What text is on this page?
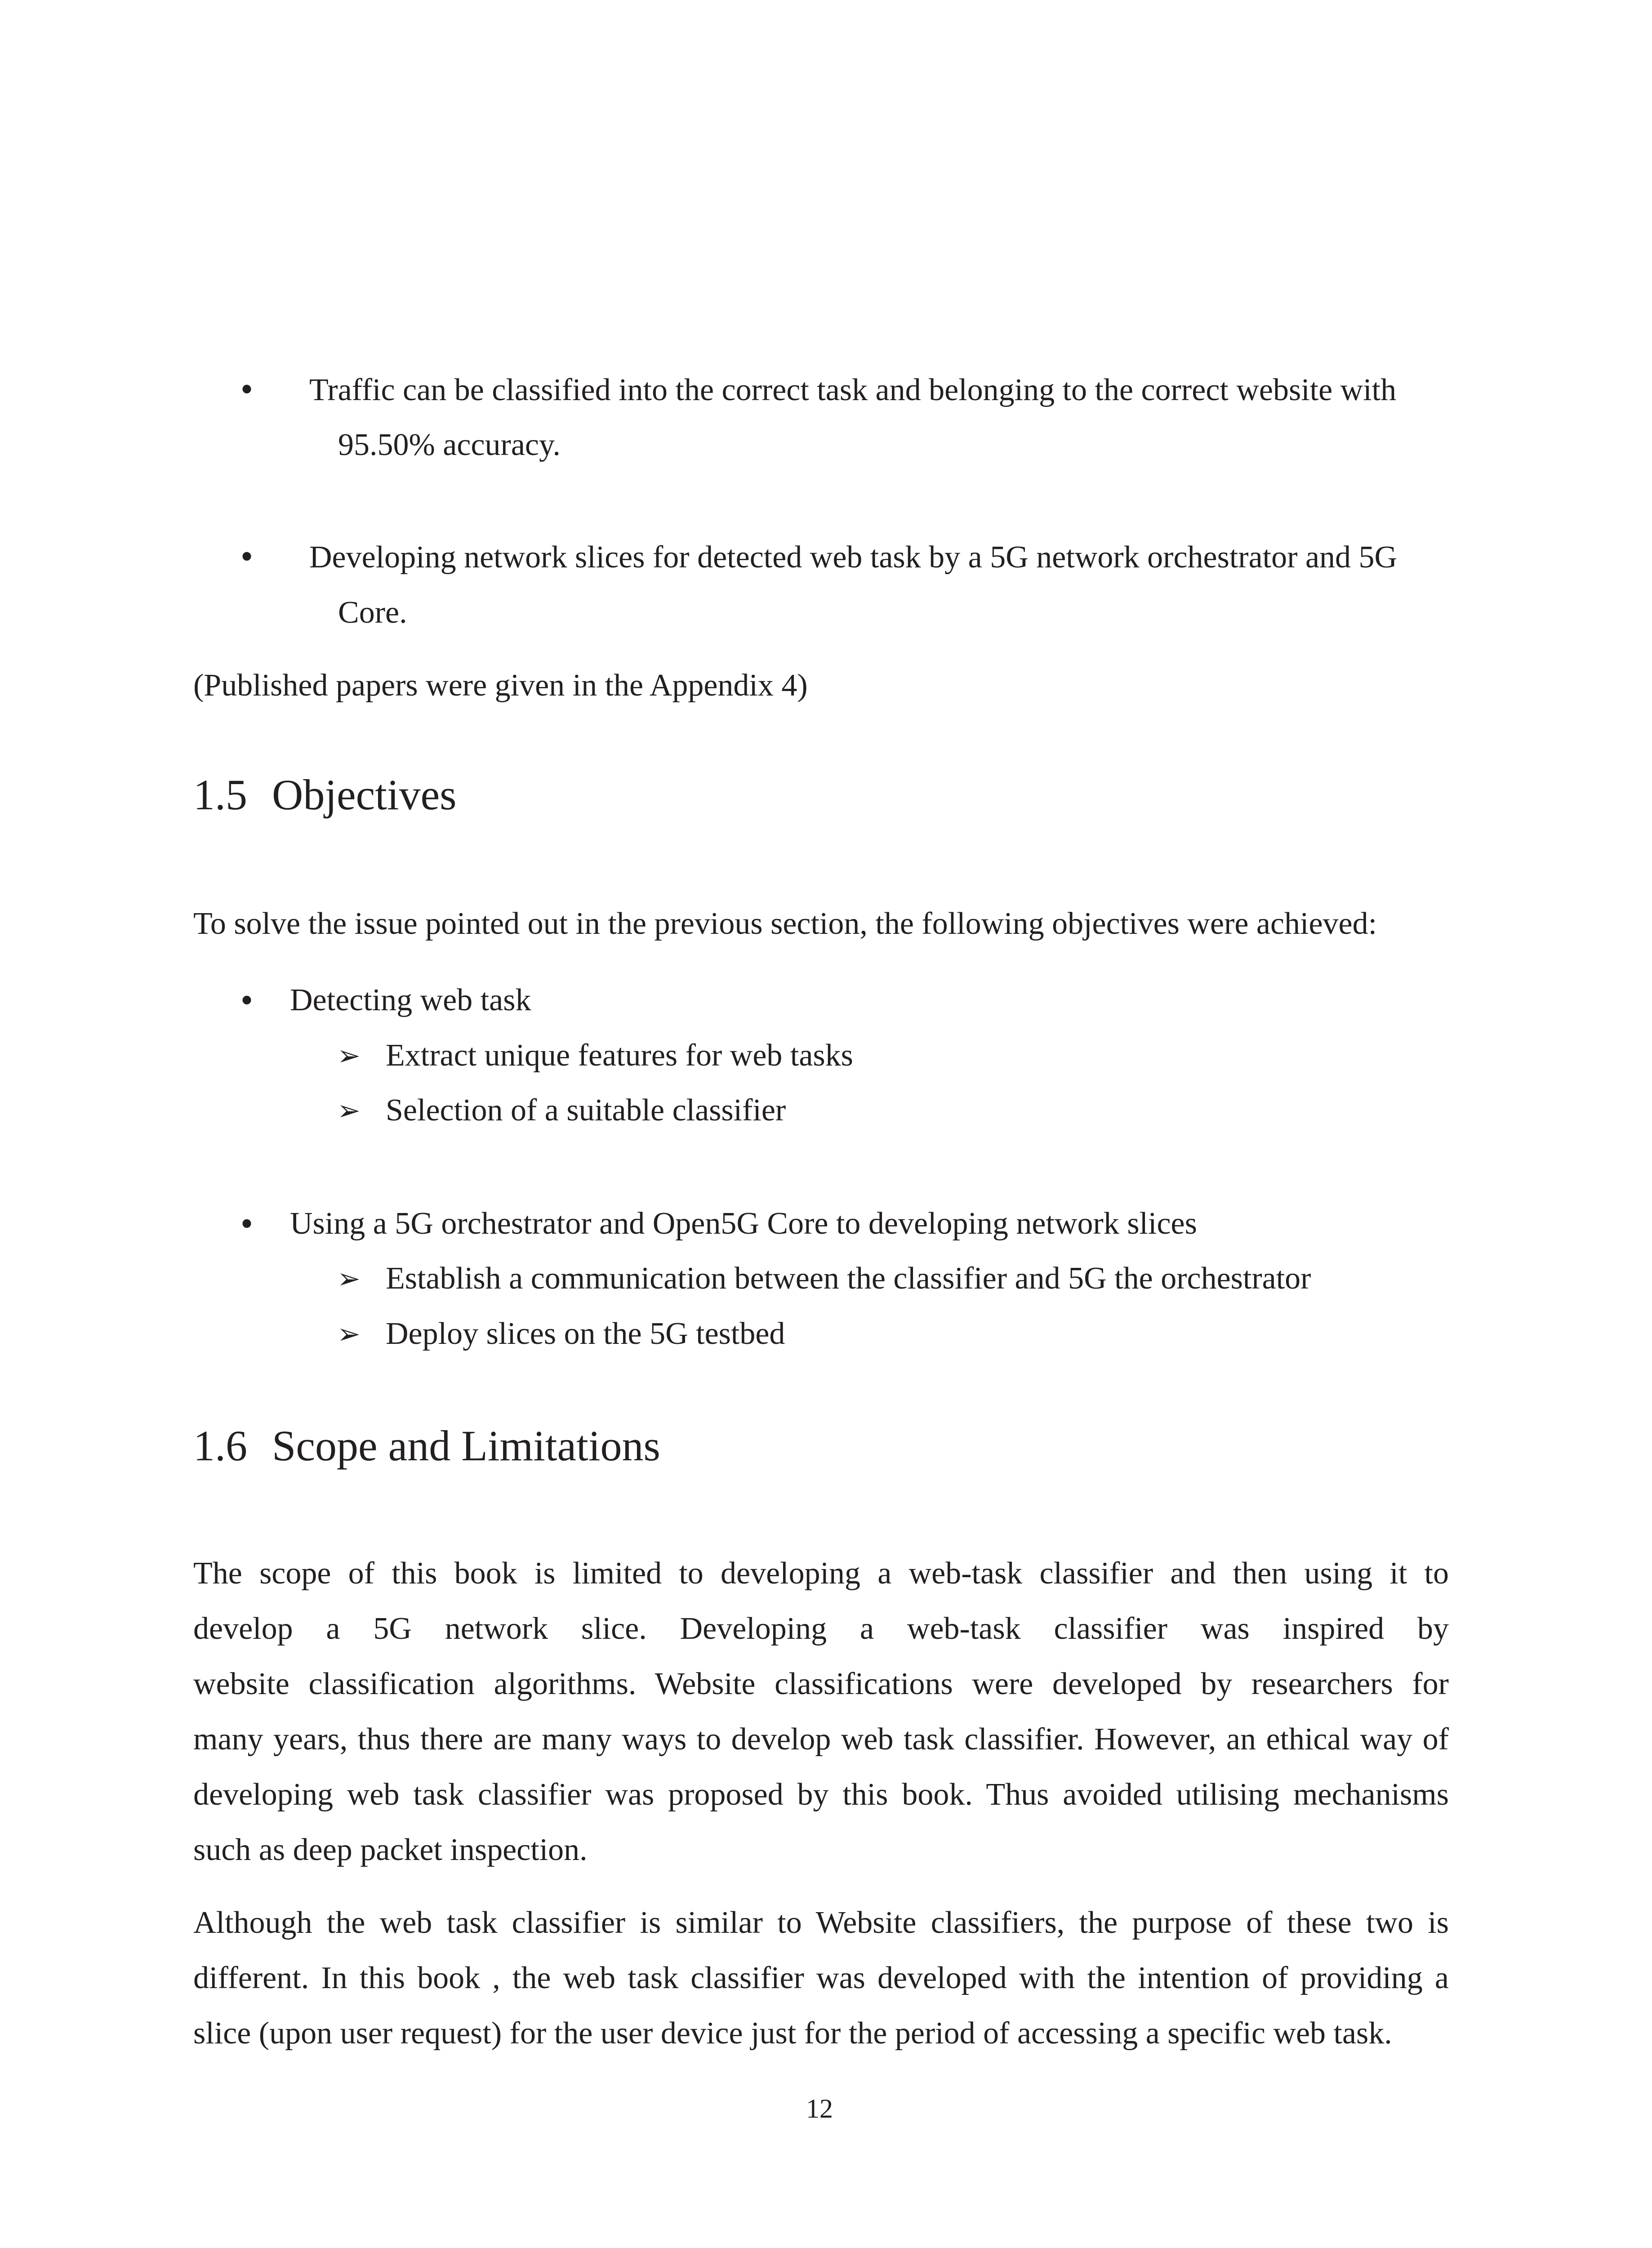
• Traffic can be classified into the correct task and belonging to the correct website with
95.50% accuracy.
• Developing network slices for detected web task by a 5G network orchestrator and 5G
Core.
(Published papers were given in the Appendix 4)
1.5 Objectives
To solve the issue pointed out in the previous section, the following objectives were achieved:
• Detecting web task
➢ Extract unique features for web tasks
➢ Selection of a suitable classifier
• Using a 5G orchestrator and Open5G Core to developing network slices
➢ Establish a communication between the classifier and 5G the orchestrator
➢ Deploy slices on the 5G testbed
1.6 Scope and Limitations
The scope of this book is limited to developing a web-task classifier and then using it to
develop a 5G network slice. Developing a web-task classifier was inspired by
website classification algorithms. Website classifications were developed by researchers for
many years, thus there are many ways to develop web task classifier. However, an ethical way of
developing web task classifier was proposed by this book. Thus avoided utilising mechanisms
such as deep packet inspection.
Although the web task classifier is similar to Website classifiers, the purpose of these two is
different. In this book , the web task classifier was developed with the intention of providing a
slice (upon user request) for the user device just for the period of accessing a specific web task.
12
